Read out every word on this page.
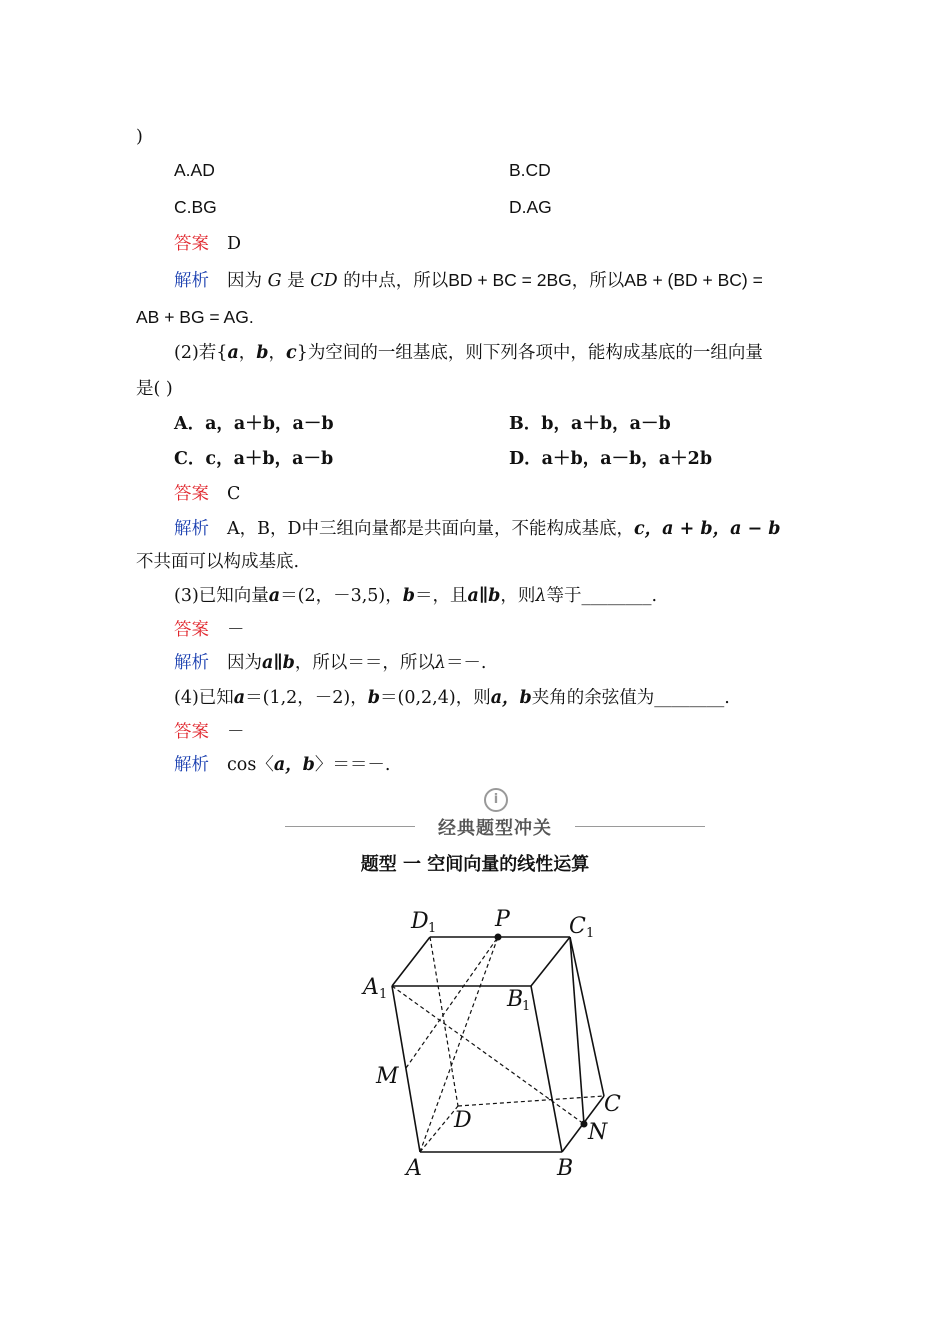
)
A.AD	B.CD
C.BG	D.AG
答案 D
解析 因为 G 是 CD 的中点，所以BD + BC = 2BG，所以AB + (BD + BC) =
AB + BG = AG.
(2)若{a，b，c}为空间的一组基底，则下列各项中，能构成基底的一组向量
是( )
A．a，a＋b，a－b	B．b，a＋b，a－b
C．c，a＋b，a－b	D．a＋b，a－b，a＋2b
答案 C
解析 A，B，D中三组向量都是共面向量，不能构成基底，c，a + b，a − b
不共面可以构成基底.
(3)已知向量a＝(2，－3,5)，b＝，且a∥b，则λ等于________.
答案 －
解析 因为a∥b，所以＝＝，所以λ＝－.
(4)已知a＝(1,2，－2)，b＝(0,2,4)，则a，b夹角的余弦值为________.
答案 －
解析 cos〈a，b〉＝＝－.
i
经典题型冲关
题型 一 空间向量的线性运算
D 1	P	C 1
A 1	B
1
M
D
C
N
A	B
